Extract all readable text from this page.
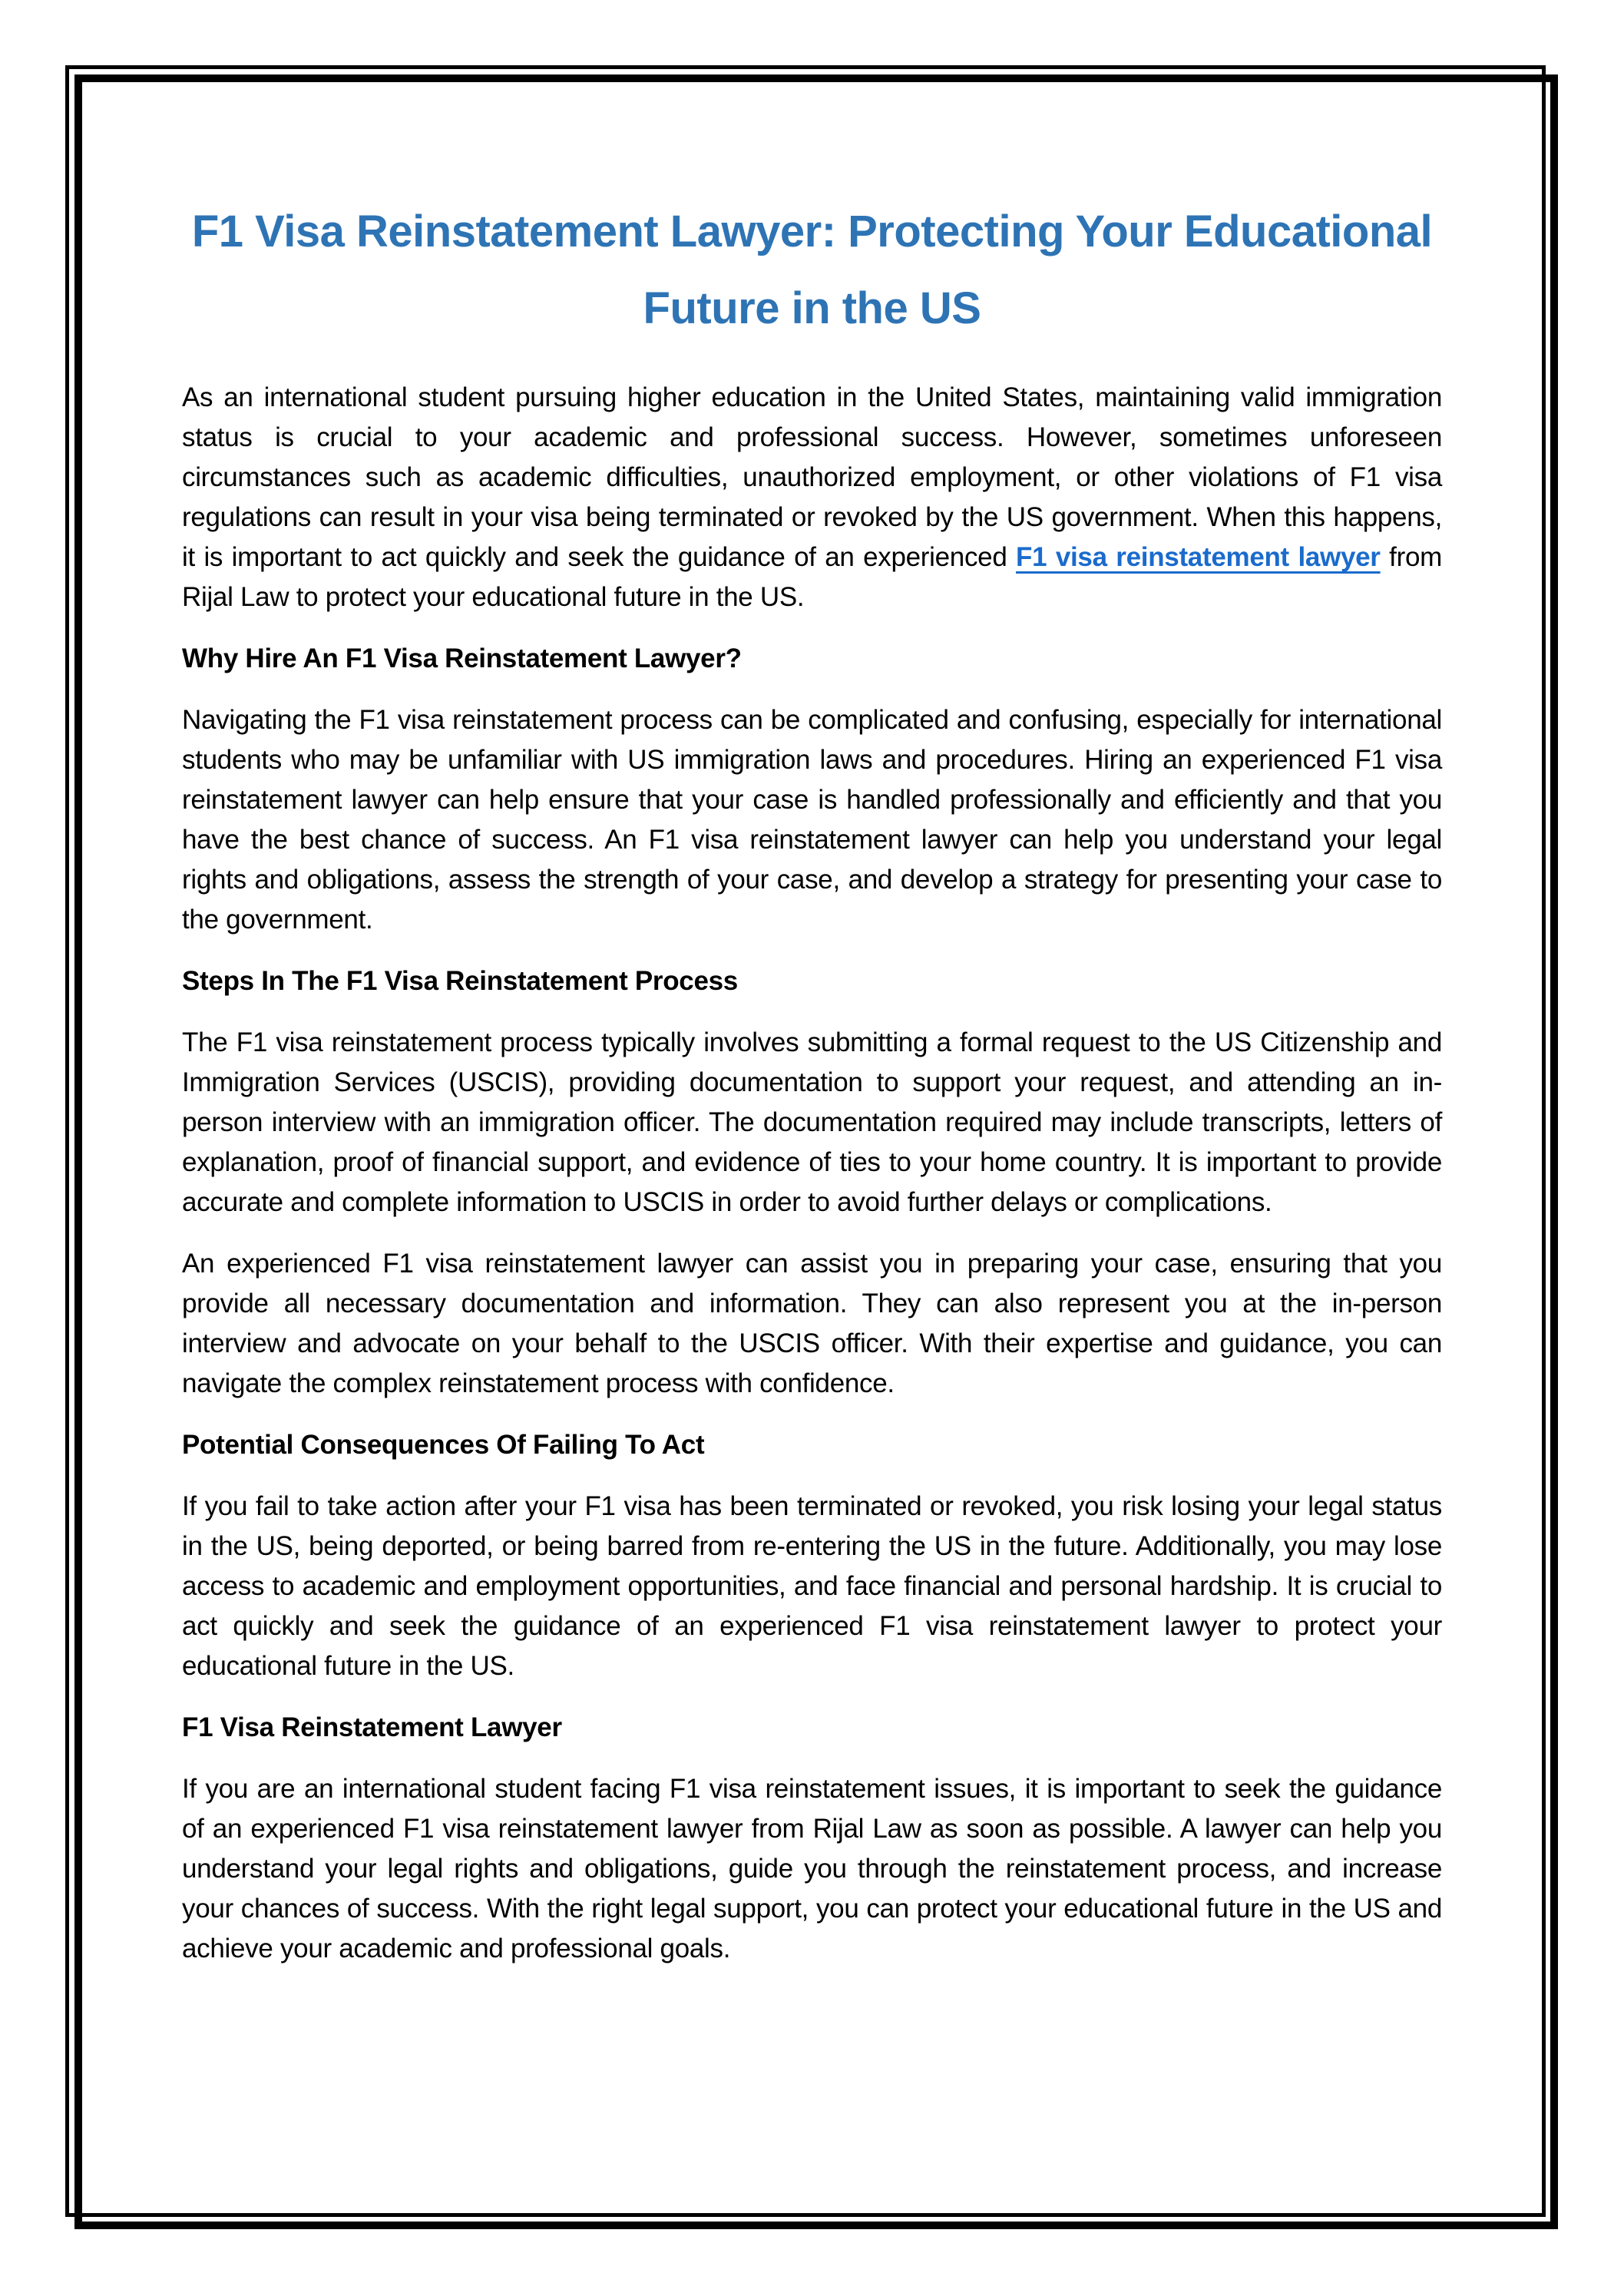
F1 Visa Reinstatement Lawyer: Protecting Your Educational Future in the US

As an international student pursuing higher education in the United States, maintaining valid immigration status is crucial to your academic and professional success. However, sometimes unforeseen circumstances such as academic difficulties, unauthorized employment, or other violations of F1 visa regulations can result in your visa being terminated or revoked by the US government. When this happens, it is important to act quickly and seek the guidance of an experienced F1 visa reinstatement lawyer from Rijal Law to protect your educational future in the US.

Why Hire An F1 Visa Reinstatement Lawyer?

Navigating the F1 visa reinstatement process can be complicated and confusing, especially for international students who may be unfamiliar with US immigration laws and procedures. Hiring an experienced F1 visa reinstatement lawyer can help ensure that your case is handled professionally and efficiently and that you have the best chance of success. An F1 visa reinstatement lawyer can help you understand your legal rights and obligations, assess the strength of your case, and develop a strategy for presenting your case to the government.

Steps In The F1 Visa Reinstatement Process

The F1 visa reinstatement process typically involves submitting a formal request to the US Citizenship and Immigration Services (USCIS), providing documentation to support your request, and attending an in-person interview with an immigration officer. The documentation required may include transcripts, letters of explanation, proof of financial support, and evidence of ties to your home country. It is important to provide accurate and complete information to USCIS in order to avoid further delays or complications.

An experienced F1 visa reinstatement lawyer can assist you in preparing your case, ensuring that you provide all necessary documentation and information. They can also represent you at the in-person interview and advocate on your behalf to the USCIS officer. With their expertise and guidance, you can navigate the complex reinstatement process with confidence.

Potential Consequences Of Failing To Act

If you fail to take action after your F1 visa has been terminated or revoked, you risk losing your legal status in the US, being deported, or being barred from re-entering the US in the future. Additionally, you may lose access to academic and employment opportunities, and face financial and personal hardship. It is crucial to act quickly and seek the guidance of an experienced F1 visa reinstatement lawyer to protect your educational future in the US.

F1 Visa Reinstatement Lawyer

If you are an international student facing F1 visa reinstatement issues, it is important to seek the guidance of an experienced F1 visa reinstatement lawyer from Rijal Law as soon as possible. A lawyer can help you understand your legal rights and obligations, guide you through the reinstatement process, and increase your chances of success. With the right legal support, you can protect your educational future in the US and achieve your academic and professional goals.
